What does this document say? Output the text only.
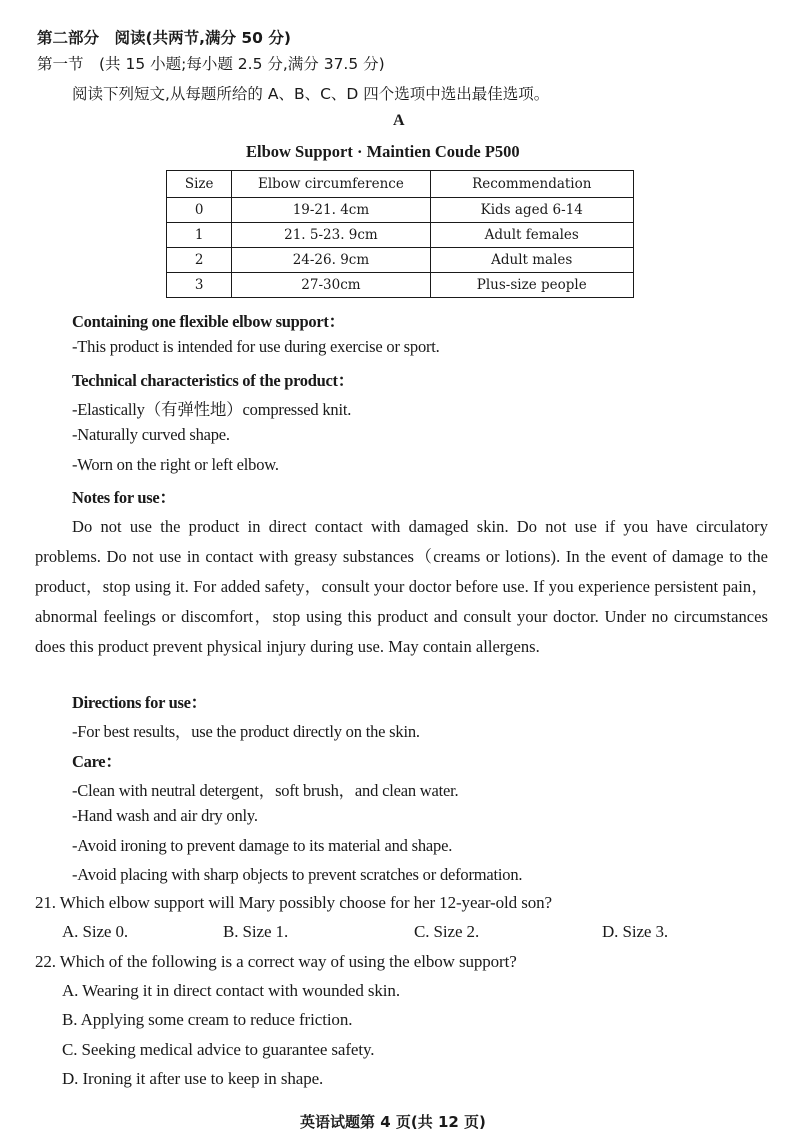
第二部分　阅读(共两节,满分 50 分)
第一节　(共 15 小题;每小题 2.5 分,满分 37.5 分)
阅读下列短文,从每题所给的 A、B、C、D 四个选项中选出最佳选项。
A
Elbow Support · Maintien Coude P500
Size	Elbow circumference	Recommendation
0	19-21. 4cm	Kids aged 6-14
1	21. 5-23. 9cm	Adult females
2	24-26. 9cm	Adult males
3	27-30cm	Plus-size people
Containing one flexible elbow support：
-This product is intended for use during exercise or sport.
Technical characteristics of the product：
-Elastically（有弹性地）compressed knit.
-Naturally curved shape.
-Worn on the right or left elbow.
Notes for use：
Do not use the product in direct contact with damaged skin. Do not use if you have circulatory problems. Do not use in contact with greasy substances（creams or lotions). In the event of damage to the product，stop using it. For added safety，consult your doctor before use. If you experience persistent pain，abnormal feelings or discomfort，stop using this product and consult your doctor. Under no circumstances does this product prevent physical injury during use. May contain allergens.
Directions for use：
-For best results，use the product directly on the skin.
Care：
-Clean with neutral detergent，soft brush，and clean water.
-Hand wash and air dry only.
-Avoid ironing to prevent damage to its material and shape.
-Avoid placing with sharp objects to prevent scratches or deformation.
21. Which elbow support will Mary possibly choose for her 12-year-old son?
A. Size 0.	B. Size 1.	C. Size 2.	D. Size 3.
22. Which of the following is a correct way of using the elbow support?
A. Wearing it in direct contact with wounded skin.
B. Applying some cream to reduce friction.
C. Seeking medical advice to guarantee safety.
D. Ironing it after use to keep in shape.
英语试题第 4 页(共 12 页)
